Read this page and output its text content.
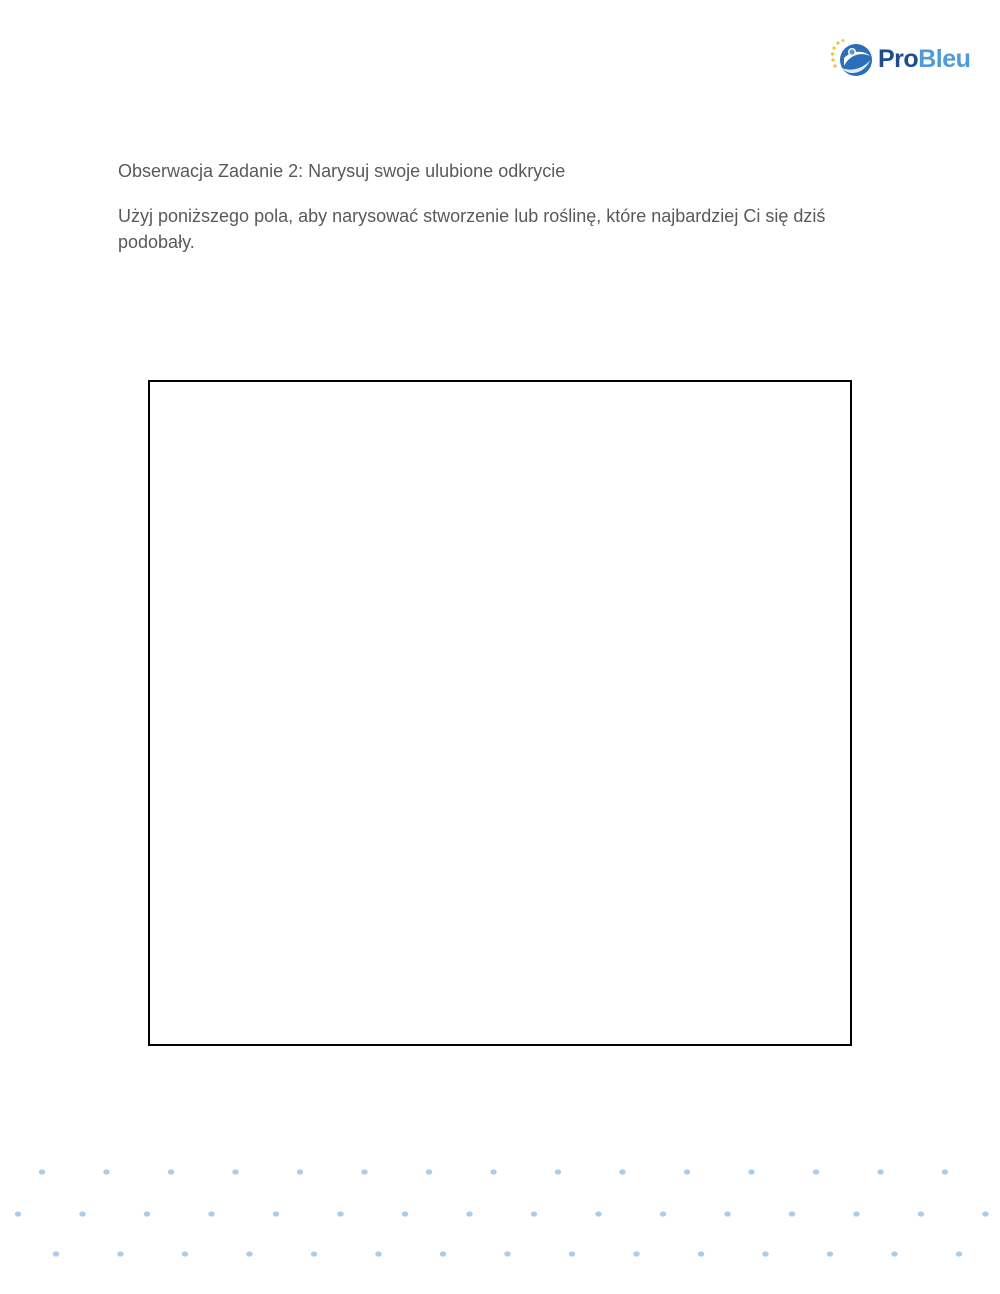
ProBleu

Obserwacja Zadanie 2: Narysuj swoje ulubione odkrycie

Użyj poniższego pola, aby narysować stworzenie lub roślinę, które najbardziej Ci się dziś podobały.
